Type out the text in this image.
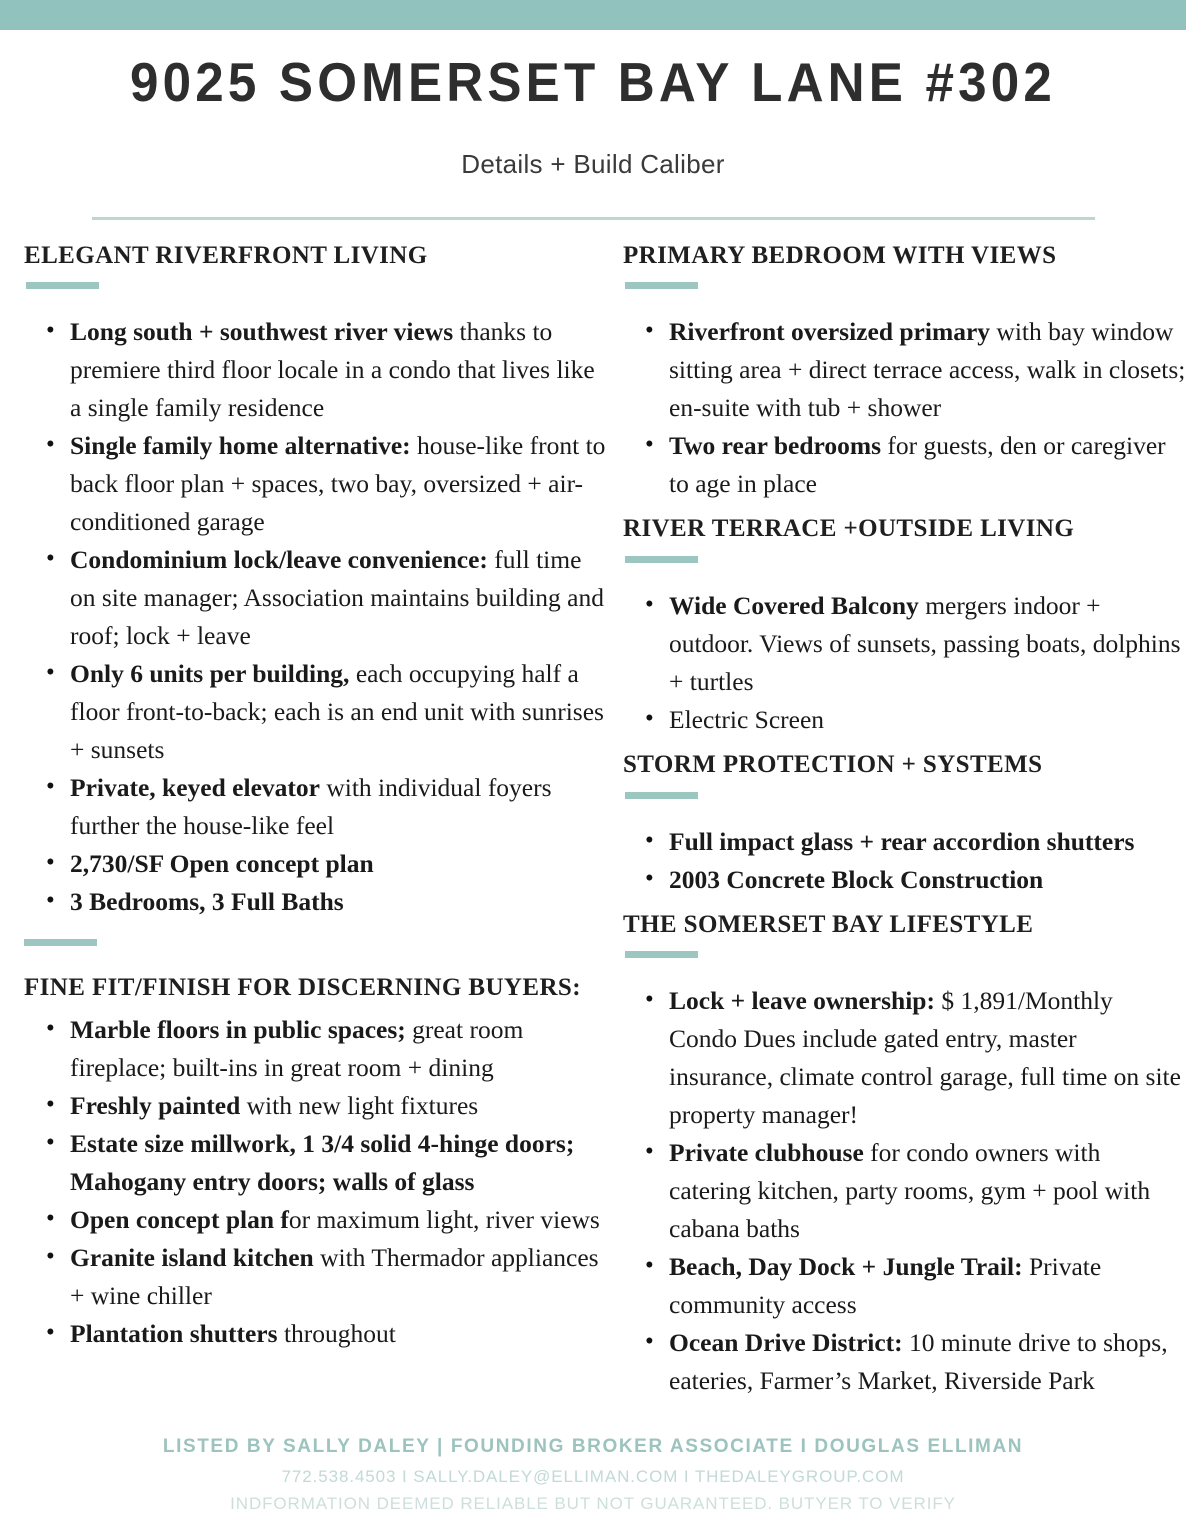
9025 SOMERSET BAY LANE #302
Details + Build Caliber
ELEGANT RIVERFRONT LIVING
• Long south + southwest river views thanks to premiere third floor locale in a condo that lives like a single family residence
• Single family home alternative: house-like front to back floor plan + spaces, two bay, oversized + air-conditioned garage
• Condominium lock/leave convenience: full time on site manager; Association maintains building and roof; lock + leave
• Only 6 units per building, each occupying half a floor front-to-back; each is an end unit with sunrises + sunsets
• Private, keyed elevator with individual foyers further the house-like feel
• 2,730/SF Open concept plan
• 3 Bedrooms, 3 Full Baths
FINE FIT/FINISH FOR DISCERNING BUYERS:
• Marble floors in public spaces; great room fireplace; built-ins in great room + dining
• Freshly painted with new light fixtures
• Estate size millwork, 1 3/4 solid 4-hinge doors; Mahogany entry doors; walls of glass
• Open concept plan for maximum light, river views
• Granite island kitchen with Thermador appliances + wine chiller
• Plantation shutters throughout
PRIMARY BEDROOM WITH VIEWS
• Riverfront oversized primary with bay window sitting area + direct terrace access, walk in closets; en-suite with tub + shower
• Two rear bedrooms for guests, den or caregiver to age in place
RIVER TERRACE +OUTSIDE LIVING
• Wide Covered Balcony mergers indoor + outdoor. Views of sunsets, passing boats, dolphins + turtles
• Electric Screen
STORM PROTECTION + SYSTEMS
• Full impact glass + rear accordion shutters
• 2003 Concrete Block Construction
THE SOMERSET BAY LIFESTYLE
• Lock + leave ownership: $ 1,891/Monthly Condo Dues include gated entry, master insurance, climate control garage, full time on site property manager!
• Private clubhouse for condo owners with catering kitchen, party rooms, gym + pool with cabana baths
• Beach, Day Dock + Jungle Trail: Private community access
• Ocean Drive District: 10 minute drive to shops, eateries, Farmer’s Market, Riverside Park
LISTED BY SALLY DALEY | FOUNDING BROKER ASSOCIATE I DOUGLAS ELLIMAN
772.538.4503 I SALLY.DALEY@ELLIMAN.COM I THEDALEYGROUP.COM
INDFORMATION DEEMED RELIABLE BUT NOT GUARANTEED. BUTYER TO VERIFY
